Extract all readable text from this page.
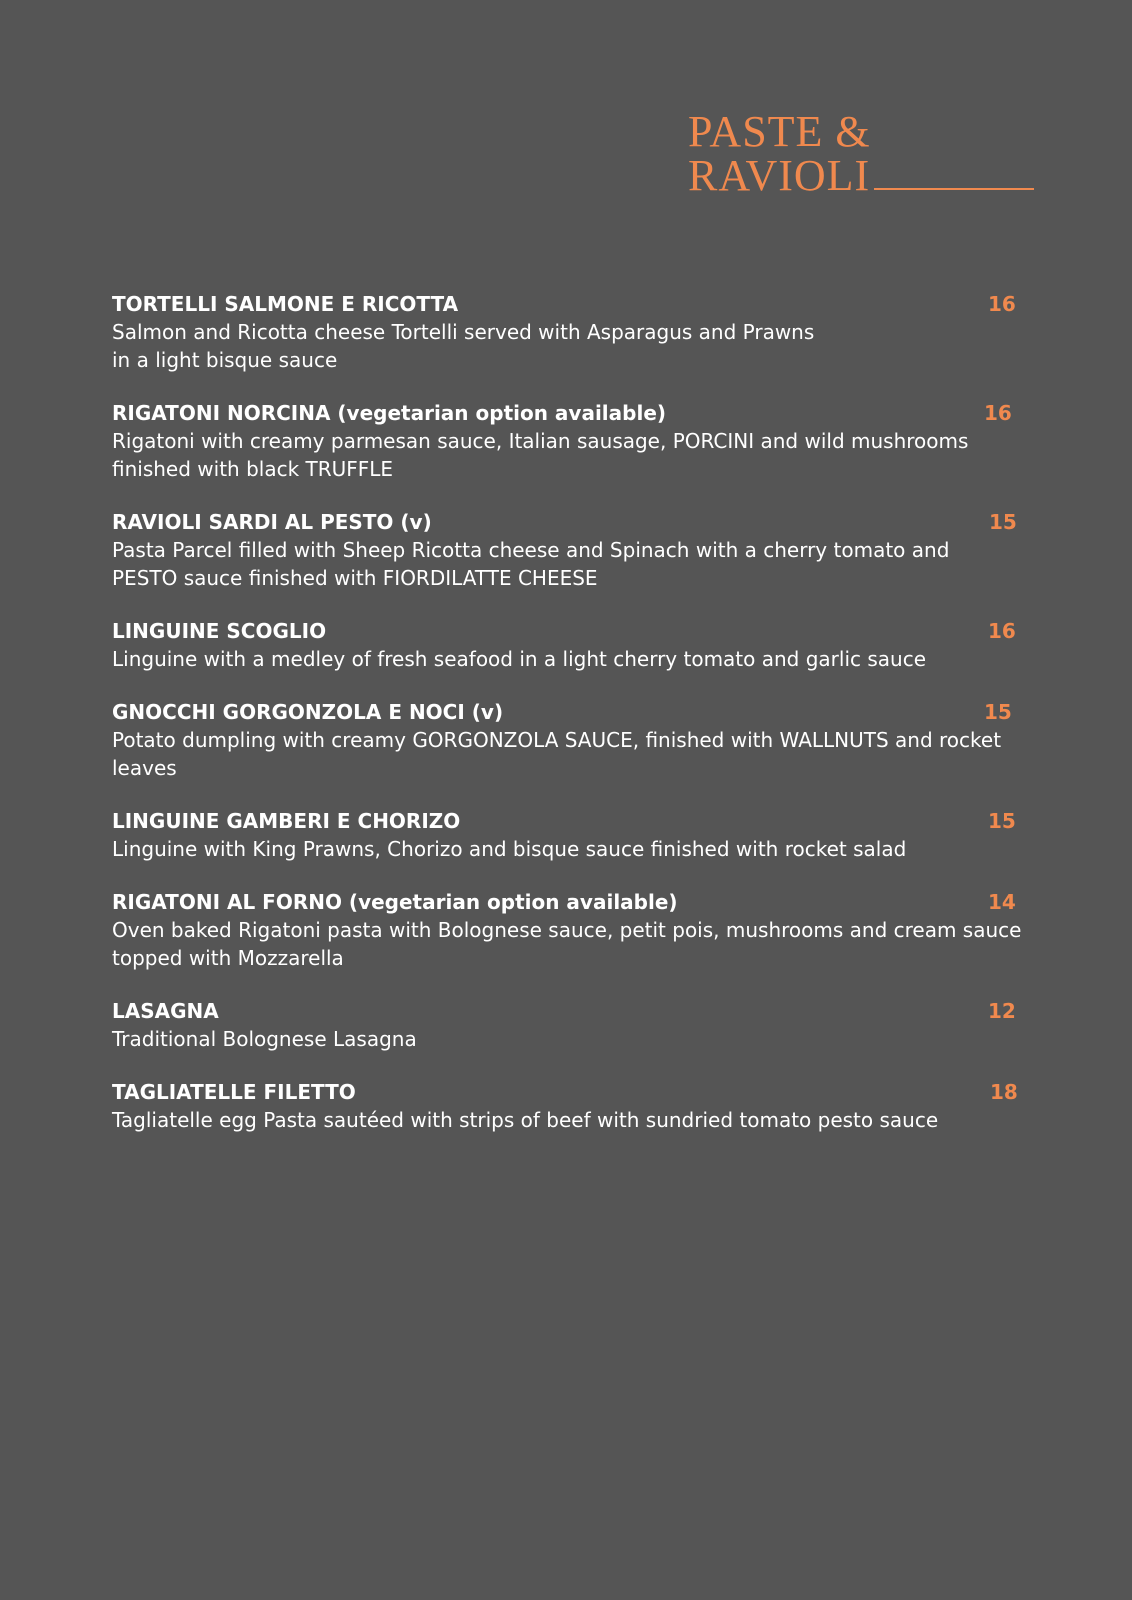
PASTE &
RAVIOLI
TORTELLI SALMONE E RICOTTA	16
Salmon and Ricotta cheese Tortelli served with Asparagus and Prawns
in a light bisque sauce
RIGATONI NORCINA (vegetarian option available)	16
Rigatoni with creamy parmesan sauce, Italian sausage, PORCINI and wild mushrooms finished with black TRUFFLE
RAVIOLI SARDI AL PESTO (v)	15
Pasta Parcel filled with Sheep Ricotta cheese and Spinach with a cherry tomato and PESTO sauce finished with FIORDILATTE CHEESE
LINGUINE SCOGLIO	16
Linguine with a medley of fresh seafood in a light cherry tomato and garlic sauce
GNOCCHI GORGONZOLA E NOCI (v)	15
Potato dumpling with creamy GORGONZOLA SAUCE, finished with WALLNUTS and rocket leaves
LINGUINE GAMBERI E CHORIZO	15
Linguine with King Prawns, Chorizo and bisque sauce finished with rocket salad
RIGATONI AL FORNO (vegetarian option available)	14
Oven baked Rigatoni pasta with Bolognese sauce, petit pois, mushrooms and cream sauce topped with Mozzarella
LASAGNA	12
Traditional Bolognese Lasagna
TAGLIATELLE FILETTO	18
Tagliatelle egg Pasta sautéed with strips of beef with sundried tomato pesto sauce
